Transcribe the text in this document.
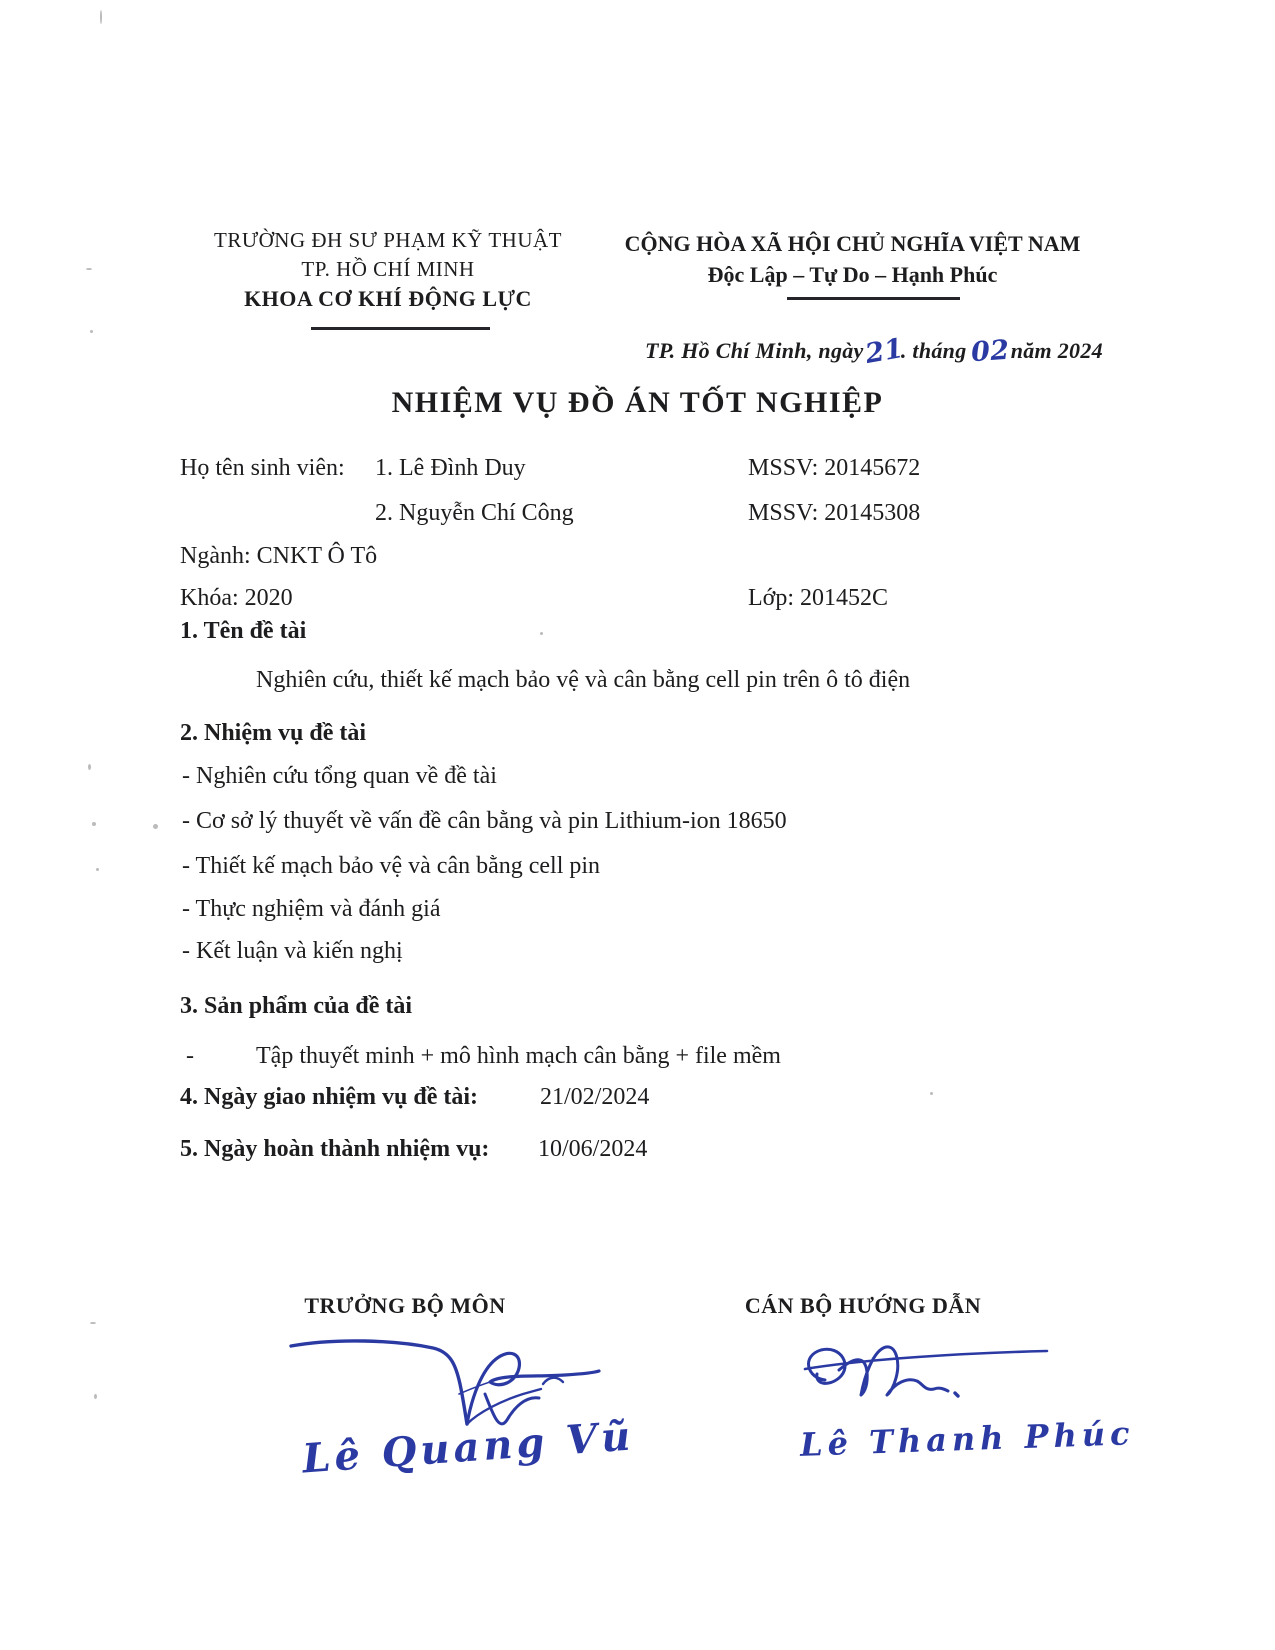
TRƯỜNG ĐH SƯ PHẠM KỸ THUẬT
TP. HỒ CHÍ MINH
KHOA CƠ KHÍ ĐỘNG LỰC
CỘNG HÒA XÃ HỘI CHỦ NGHĨA VIỆT NAM
Độc Lập – Tự Do – Hạnh Phúc
TP. Hồ Chí Minh, ngày21. tháng 02năm 2024
NHIỆM VỤ ĐỒ ÁN TỐT NGHIỆP
Họ tên sinh viên: 1. Lê Đình Duy	MSSV: 20145672
2. Nguyễn Chí Công	MSSV: 20145308
Ngành: CNKT Ô Tô
Khóa: 2020	Lớp: 201452C
1. Tên đề tài
Nghiên cứu, thiết kế mạch bảo vệ và cân bằng cell pin trên ô tô điện
2. Nhiệm vụ đề tài
- Nghiên cứu tổng quan về đề tài
- Cơ sở lý thuyết về vấn đề cân bằng và pin Lithium-ion 18650
- Thiết kế mạch bảo vệ và cân bằng cell pin
- Thực nghiệm và đánh giá
- Kết luận và kiến nghị
3. Sản phẩm của đề tài
-	Tập thuyết minh + mô hình mạch cân bằng + file mềm
4. Ngày giao nhiệm vụ đề tài:	21/02/2024
5. Ngày hoàn thành nhiệm vụ: 10/06/2024
TRƯỞNG BỘ MÔN	CÁN BỘ HƯỚNG DẪN
Lê Quang Vũ	Lê Thanh Phúc
